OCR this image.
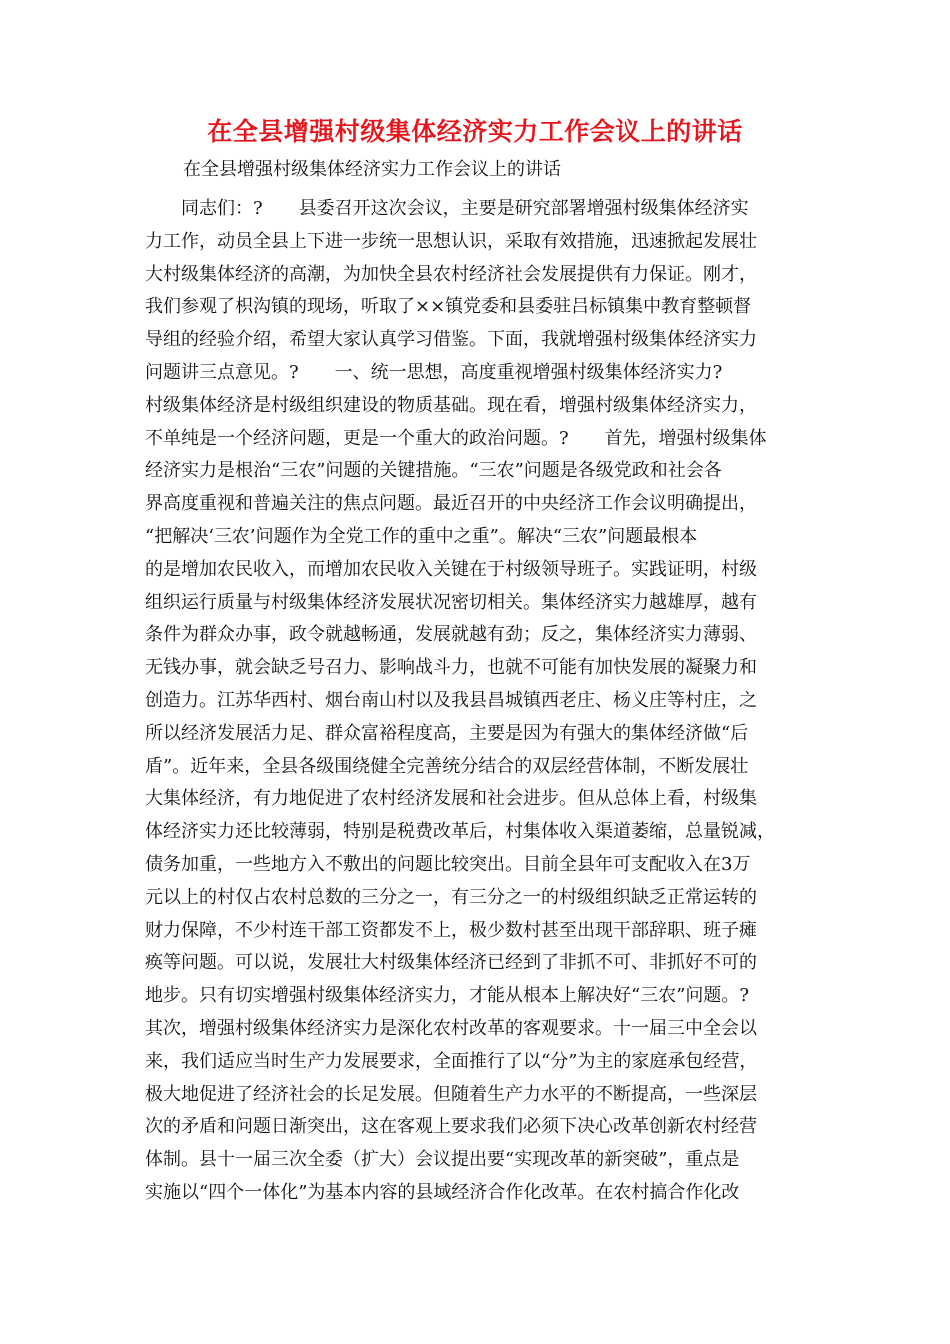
在全县增强村级集体经济实力工作会议上的讲话

在全县增强村级集体经济实力工作会议上的讲话

　　同志们：?　　县委召开这次会议，主要是研究部署增强村级集体经济实
力工作，动员全县上下进一步统一思想认识，采取有效措施，迅速掀起发展壮
大村级集体经济的高潮，为加快全县农村经济社会发展提供有力保证。刚才，
我们参观了枳沟镇的现场，听取了××镇党委和县委驻吕标镇集中教育整顿督
导组的经验介绍，希望大家认真学习借鉴。下面，我就增强村级集体经济实力
问题讲三点意见。?　　一、统一思想，高度重视增强村级集体经济实力?
村级集体经济是村级组织建设的物质基础。现在看，增强村级集体经济实力，
不单纯是一个经济问题，更是一个重大的政治问题。?　　首先，增强村级集体
经济实力是根治“三农”问题的关键措施。“三农”问题是各级党政和社会各
界高度重视和普遍关注的焦点问题。最近召开的中央经济工作会议明确提出，
“把解决‘三农’问题作为全党工作的重中之重”。解决“三农”问题最根本
的是增加农民收入，而增加农民收入关键在于村级领导班子。实践证明，村级
组织运行质量与村级集体经济发展状况密切相关。集体经济实力越雄厚，越有
条件为群众办事，政令就越畅通，发展就越有劲；反之，集体经济实力薄弱、
无钱办事，就会缺乏号召力、影响战斗力，也就不可能有加快发展的凝聚力和
创造力。江苏华西村、烟台南山村以及我县昌城镇西老庄、杨义庄等村庄，之
所以经济发展活力足、群众富裕程度高，主要是因为有强大的集体经济做“后
盾”。近年来，全县各级围绕健全完善统分结合的双层经营体制，不断发展壮
大集体经济，有力地促进了农村经济发展和社会进步。但从总体上看，村级集
体经济实力还比较薄弱，特别是税费改革后，村集体收入渠道萎缩，总量锐减，
债务加重，一些地方入不敷出的问题比较突出。目前全县年可支配收入在3万
元以上的村仅占农村总数的三分之一，有三分之一的村级组织缺乏正常运转的
财力保障，不少村连干部工资都发不上，极少数村甚至出现干部辞职、班子瘫
痪等问题。可以说，发展壮大村级集体经济已经到了非抓不可、非抓好不可的
地步。只有切实增强村级集体经济实力，才能从根本上解决好“三农”问题。?
其次，增强村级集体经济实力是深化农村改革的客观要求。十一届三中全会以
来，我们适应当时生产力发展要求，全面推行了以“分”为主的家庭承包经营，
极大地促进了经济社会的长足发展。但随着生产力水平的不断提高，一些深层
次的矛盾和问题日渐突出，这在客观上要求我们必须下决心改革创新农村经营
体制。县十一届三次全委（扩大）会议提出要“实现改革的新突破”，重点是
实施以“四个一体化”为基本内容的县域经济合作化改革。在农村搞合作化改
